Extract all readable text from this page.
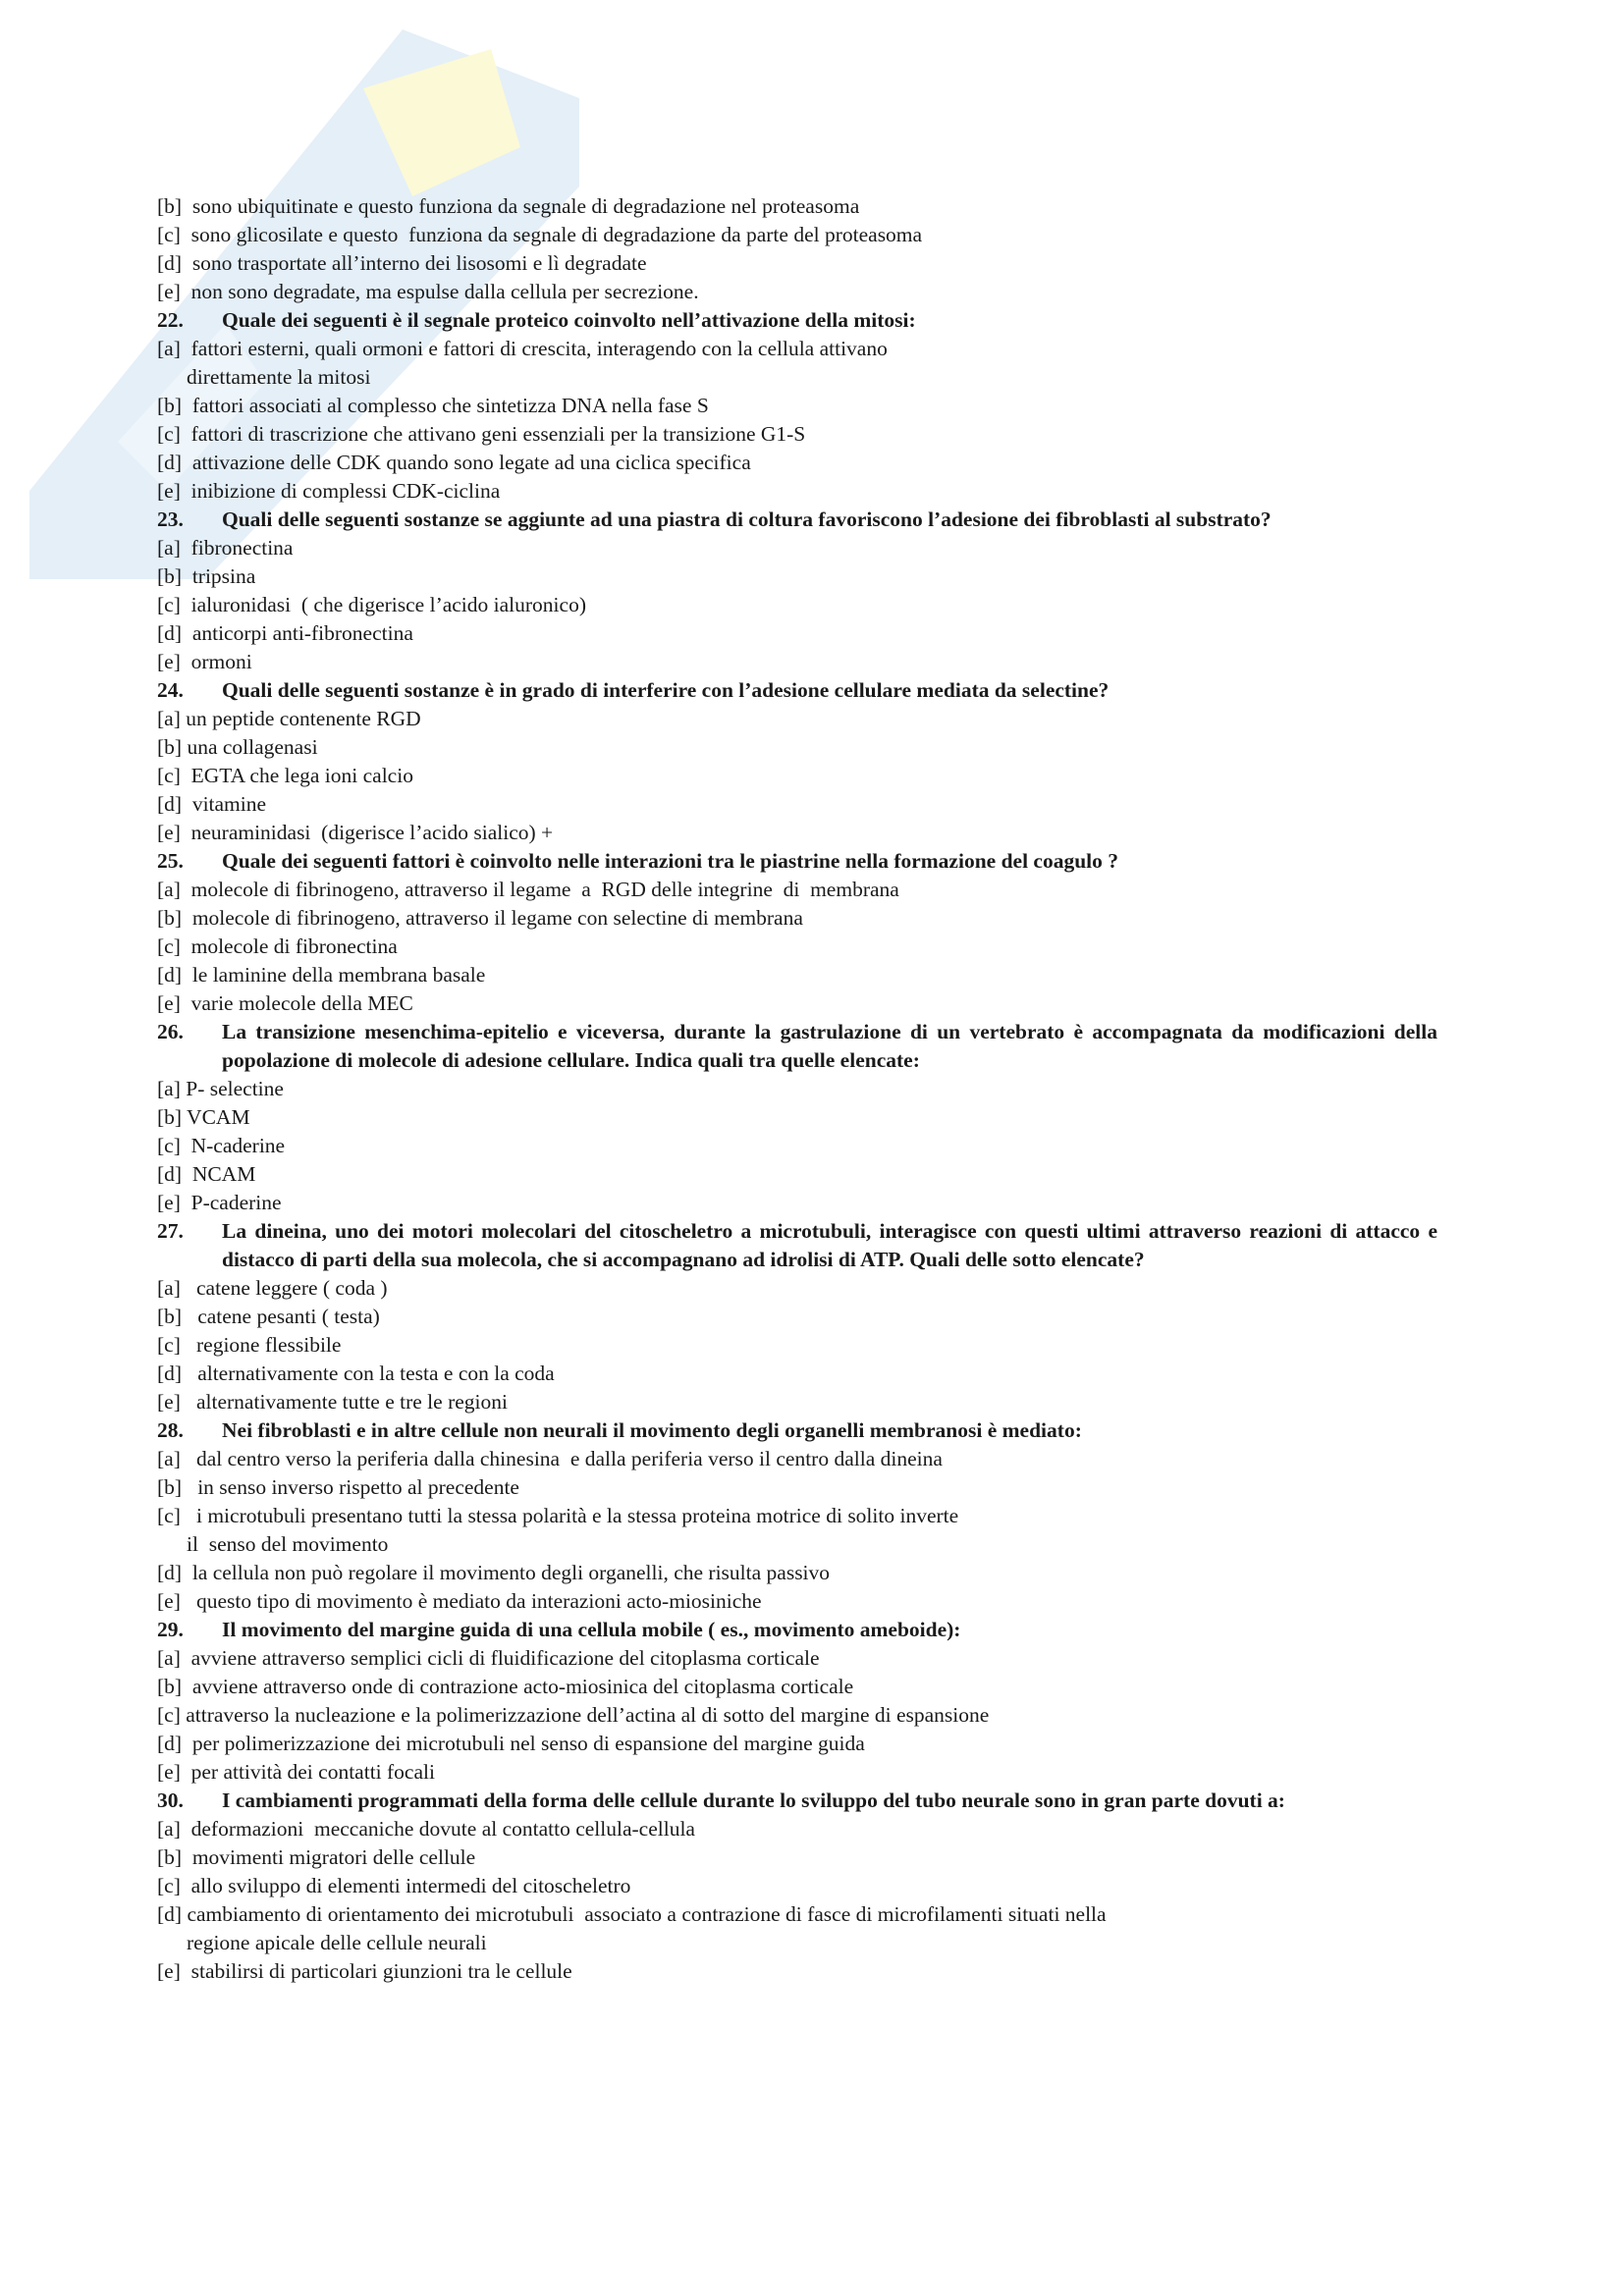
[b]  sono ubiquitinate e questo funziona da segnale di degradazione nel proteasoma
[c]  sono glicosilate e questo  funziona da segnale di degradazione da parte del proteasoma
[d]  sono trasportate all’interno dei lisosomi e lì degradate
[e]  non sono degradate, ma espulse dalla cellula per secrezione.
22. Quale dei seguenti è il segnale proteico coinvolto nell’attivazione della mitosi:
[a]  fattori esterni, quali ormoni e fattori di crescita, interagendo con la cellula attivano
direttamente la mitosi
[b]  fattori associati al complesso che sintetizza DNA nella fase S
[c]  fattori di trascrizione che attivano geni essenziali per la transizione G1-S
[d]  attivazione delle CDK quando sono legate ad una ciclica specifica
[e]  inibizione di complessi CDK-ciclina
23. Quali delle seguenti sostanze se aggiunte ad una piastra di coltura favoriscono l’adesione dei fibroblasti al substrato?
[a]  fibronectina
[b]  tripsina
[c]  ialuronidasi  ( che digerisce l’acido ialuronico)
[d]  anticorpi anti-fibronectina
[e]  ormoni
24. Quali delle seguenti sostanze è in grado di interferire con l’adesione cellulare mediata da selectine?
[a] un peptide contenente RGD
[b] una collagenasi
[c]  EGTA che lega ioni calcio
[d]  vitamine
[e]  neuraminidasi  (digerisce l’acido sialico) +
25. Quale dei seguenti fattori è coinvolto nelle interazioni tra le piastrine nella formazione del coagulo ?
[a]  molecole di fibrinogeno, attraverso il legame  a  RGD delle integrine  di  membrana
[b]  molecole di fibrinogeno, attraverso il legame con selectine di membrana
[c]  molecole di fibronectina
[d]  le laminine della membrana basale
[e]  varie molecole della MEC
26. La transizione mesenchima-epitelio e viceversa, durante la gastrulazione di un vertebrato è accompagnata da modificazioni della popolazione di molecole di adesione cellulare. Indica quali tra quelle elencate:
[a] P- selectine
[b] VCAM
[c]  N-caderine
[d]  NCAM
[e]  P-caderine
27. La dineina, uno dei motori molecolari del citoscheletro a microtubuli, interagisce con questi ultimi attraverso reazioni di attacco e distacco di parti della sua molecola, che si accompagnano ad idrolisi di ATP. Quali delle sotto elencate?
[a]   catene leggere ( coda )
[b]   catene pesanti ( testa)
[c]   regione flessibile
[d]   alternativamente con la testa e con la coda
[e]   alternativamente tutte e tre le regioni
28. Nei fibroblasti e in altre cellule non neurali il movimento degli organelli membranosi è mediato:
[a]   dal centro verso la periferia dalla chinesina  e dalla periferia verso il centro dalla dineina
[b]   in senso inverso rispetto al precedente
[c]   i microtubuli presentano tutti la stessa polarità e la stessa proteina motrice di solito inverte
il  senso del movimento
[d]  la cellula non può regolare il movimento degli organelli, che risulta passivo
[e]   questo tipo di movimento è mediato da interazioni acto-miosiniche
29. Il movimento del margine guida di una cellula mobile ( es., movimento ameboide):
[a]  avviene attraverso semplici cicli di fluidificazione del citoplasma corticale
[b]  avviene attraverso onde di contrazione acto-miosinica del citoplasma corticale
[c] attraverso la nucleazione e la polimerizzazione dell’actina al di sotto del margine di espansione
[d]  per polimerizzazione dei microtubuli nel senso di espansione del margine guida
[e]  per attività dei contatti focali
30. I cambiamenti programmati della forma delle cellule durante lo sviluppo del tubo neurale sono in gran parte dovuti a:
[a]  deformazioni  meccaniche dovute al contatto cellula-cellula
[b]  movimenti migratori delle cellule
[c]  allo sviluppo di elementi intermedi del citoscheletro
[d] cambiamento di orientamento dei microtubuli  associato a contrazione di fasce di microfilamenti situati nella
regione apicale delle cellule neurali
[e]  stabilirsi di particolari giunzioni tra le cellule
